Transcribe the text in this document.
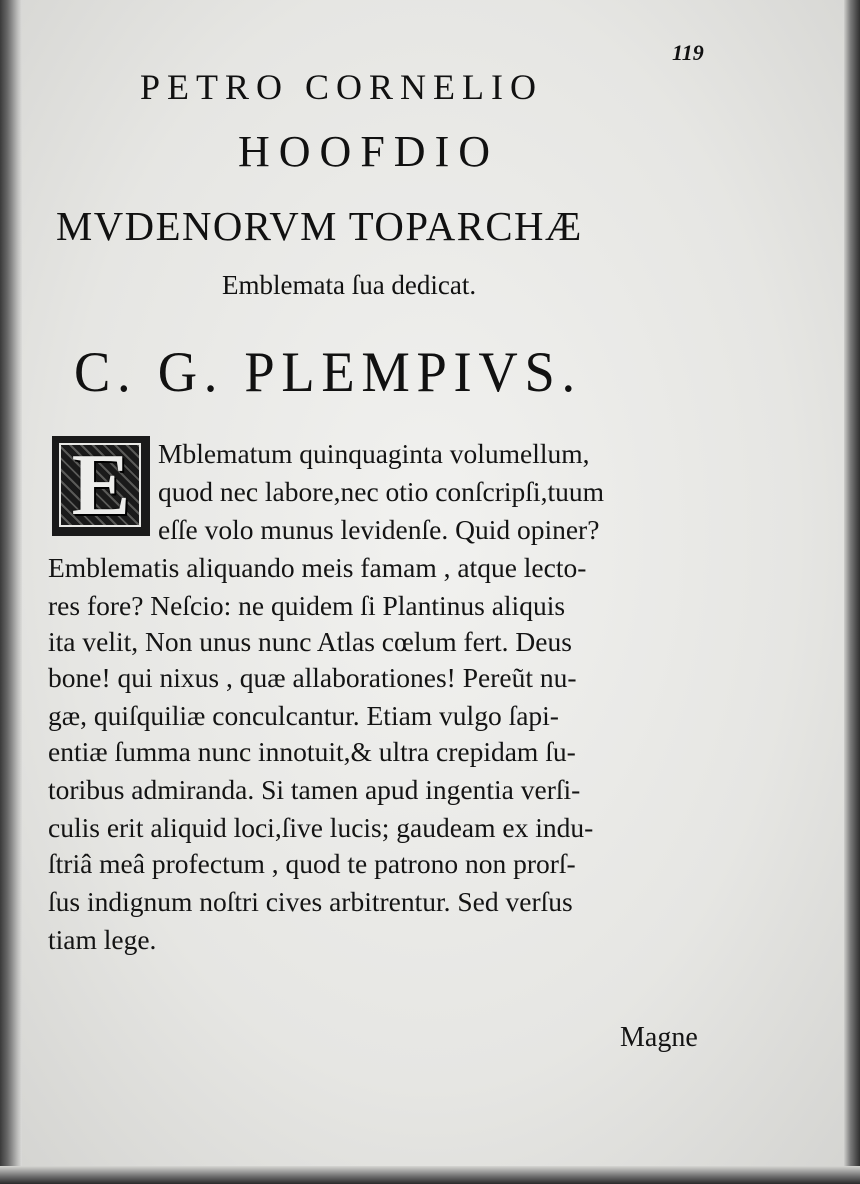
119
PETRO CORNELIO
HOOFDIO
MVDENORVM TOPARCHÆ
Emblemata ſua dedicat.
C. G. PLEMPIVS.
E Mblematum quinquaginta volumellum,
quod nec labore,nec otio conſcripſi,tuum
eſſe volo munus levidenſe. Quid opiner?
Emblematis aliquando meis famam , atque lecto-
res fore? Neſcio: ne quidem ſi Plantinus aliquis
ita velit, Non unus nunc Atlas cœlum fert. Deus
bone! qui nixus , quæ allaborationes! Pereũt nu-
gæ, quiſquiliæ conculcantur. Etiam vulgo ſapi-
entiæ ſumma nunc innotuit,& ultra crepidam ſu-
toribus admiranda. Si tamen apud ingentia verſi-
culis erit aliquid loci,ſive lucis; gaudeam ex indu-
ſtriâ meâ profectum , quod te patrono non prorſ-
ſus indignum noſtri cives arbitrentur. Sed verſus
tiam lege.
Magne
